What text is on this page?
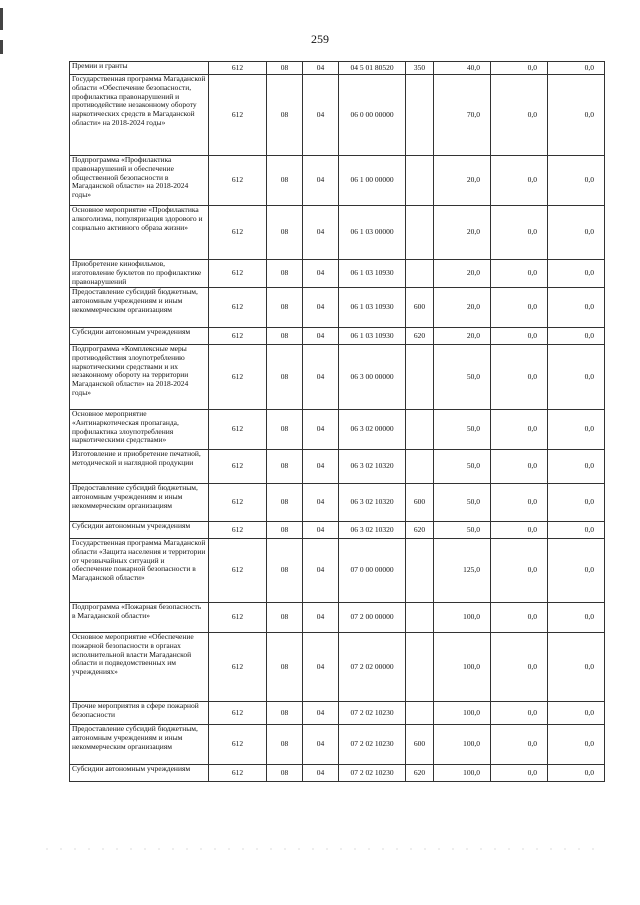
259
Премии и гранты	612	08	04	04 5 01 80520	350	40,0	0,0	0,0
Государственная программа Магаданской области «Обеспечение безопасности, профилактика правонарушений и противодействие незаконному обороту наркотических средств в Магаданской области» на 2018-2024 годы»	612	08	04	06 0 00 00000		70,0	0,0	0,0
Подпрограмма «Профилактика правонарушений и обеспечение общественной безопасности в Магаданской области» на 2018-2024 годы»	612	08	04	06 1 00 00000		20,0	0,0	0,0
Основное мероприятие «Профилактика алкоголизма, популяризация здорового и социально активного образа жизни»	612	08	04	06 1 03 00000		20,0	0,0	0,0
Приобретение кинофильмов, изготовление буклетов по профилактике правонарушений	612	08	04	06 1 03 10930		20,0	0,0	0,0
Предоставление субсидий бюджетным, автономным учреждениям и иным некоммерческим организациям	612	08	04	06 1 03 10930	600	20,0	0,0	0,0
Субсидии автономным учреждениям	612	08	04	06 1 03 10930	620	20,0	0,0	0,0
Подпрограмма «Комплексные меры противодействия злоупотреблению наркотическими средствами и их незаконному обороту на территории Магаданской области» на 2018-2024 годы»	612	08	04	06 3 00 00000		50,0	0,0	0,0
Основное мероприятие «Антинаркотическая пропаганда, профилактика злоупотребления наркотическими средствами»	612	08	04	06 3 02 00000		50,0	0,0	0,0
Изготовление и приобретение печатной, методической и наглядной продукции	612	08	04	06 3 02 10320		50,0	0,0	0,0
Предоставление субсидий бюджетным, автономным учреждениям и иным некоммерческим организациям	612	08	04	06 3 02 10320	600	50,0	0,0	0,0
Субсидии автономным учреждениям	612	08	04	06 3 02 10320	620	50,0	0,0	0,0
Государственная программа Магаданской области «Защита населения и территории от чрезвычайных ситуаций и обеспечение пожарной безопасности в Магаданской области»	612	08	04	07 0 00 00000		125,0	0,0	0,0
Подпрограмма «Пожарная безопасность в Магаданской области»	612	08	04	07 2 00 00000		100,0	0,0	0,0
Основное мероприятие «Обеспечение пожарной безопасности в органах исполнительной власти Магаданской области и подведомственных им учреждениях»	612	08	04	07 2 02 00000		100,0	0,0	0,0
Прочие мероприятия в сфере пожарной безопасности	612	08	04	07 2 02 10230		100,0	0,0	0,0
Предоставление субсидий бюджетным, автономным учреждениям и иным некоммерческим организациям	612	08	04	07 2 02 10230	600	100,0	0,0	0,0
Субсидии автономным учреждениям	612	08	04	07 2 02 10230	620	100,0	0,0	0,0
